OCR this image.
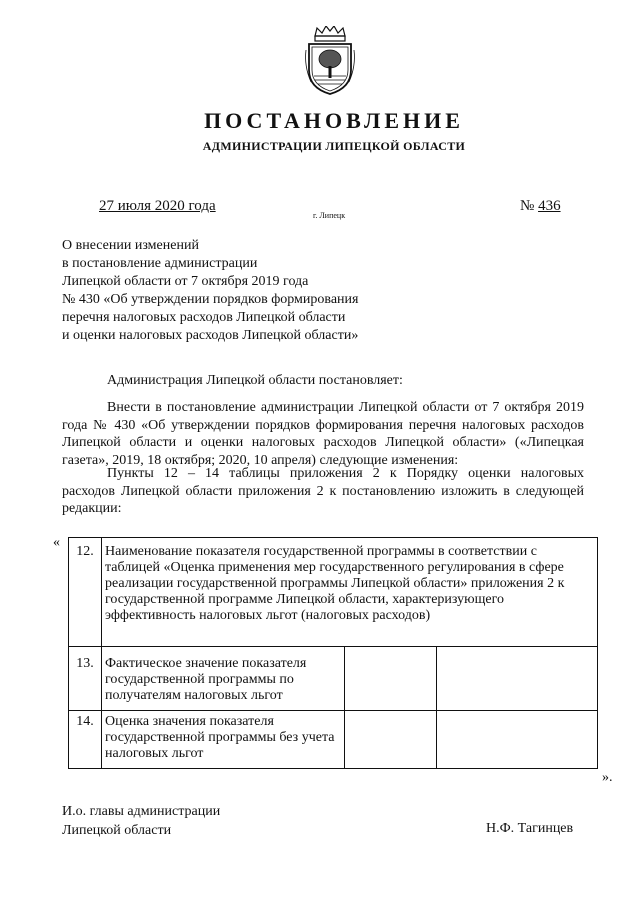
ПОСТАНОВЛЕНИЕ
АДМИНИСТРАЦИИ ЛИПЕЦКОЙ ОБЛАСТИ
27 июля 2020 года
г. Липецк
№ 436
О внесении изменений
в постановление администрации
Липецкой области от 7 октября 2019 года
№ 430 «Об утверждении порядков формирования
перечня налоговых расходов Липецкой области
и оценки налоговых расходов Липецкой области»
Администрация Липецкой области постановляет:
Внести в постановление администрации Липецкой области от 7 октября 2019
года № 430 «Об утверждении порядков формирования перечня налоговых расходов
Липецкой области и оценки налоговых расходов Липецкой области» («Липецкая
газета», 2019, 18 октября; 2020, 10 апреля) следующие изменения:
Пункты 12 – 14 таблицы приложения 2 к Порядку оценки налоговых
расходов Липецкой области приложения 2 к постановлению изложить в следующей
редакции:
«
12.	Наименование показателя государственной программы в соответствии с таблицей «Оценка применения мер государственного регулирования в сфере реализации государственной программы Липецкой области» приложения 2 к государственной программе Липецкой области, характеризующего эффективность налоговых льгот (налоговых расходов)		
13.	Фактическое значение показателя государственной программы по получателям налоговых льгот		
14.	Оценка значения показателя государственной программы без учета налоговых льгот		
».
И.о. главы администрации
Липецкой области	Н.Ф. Тагинцев
